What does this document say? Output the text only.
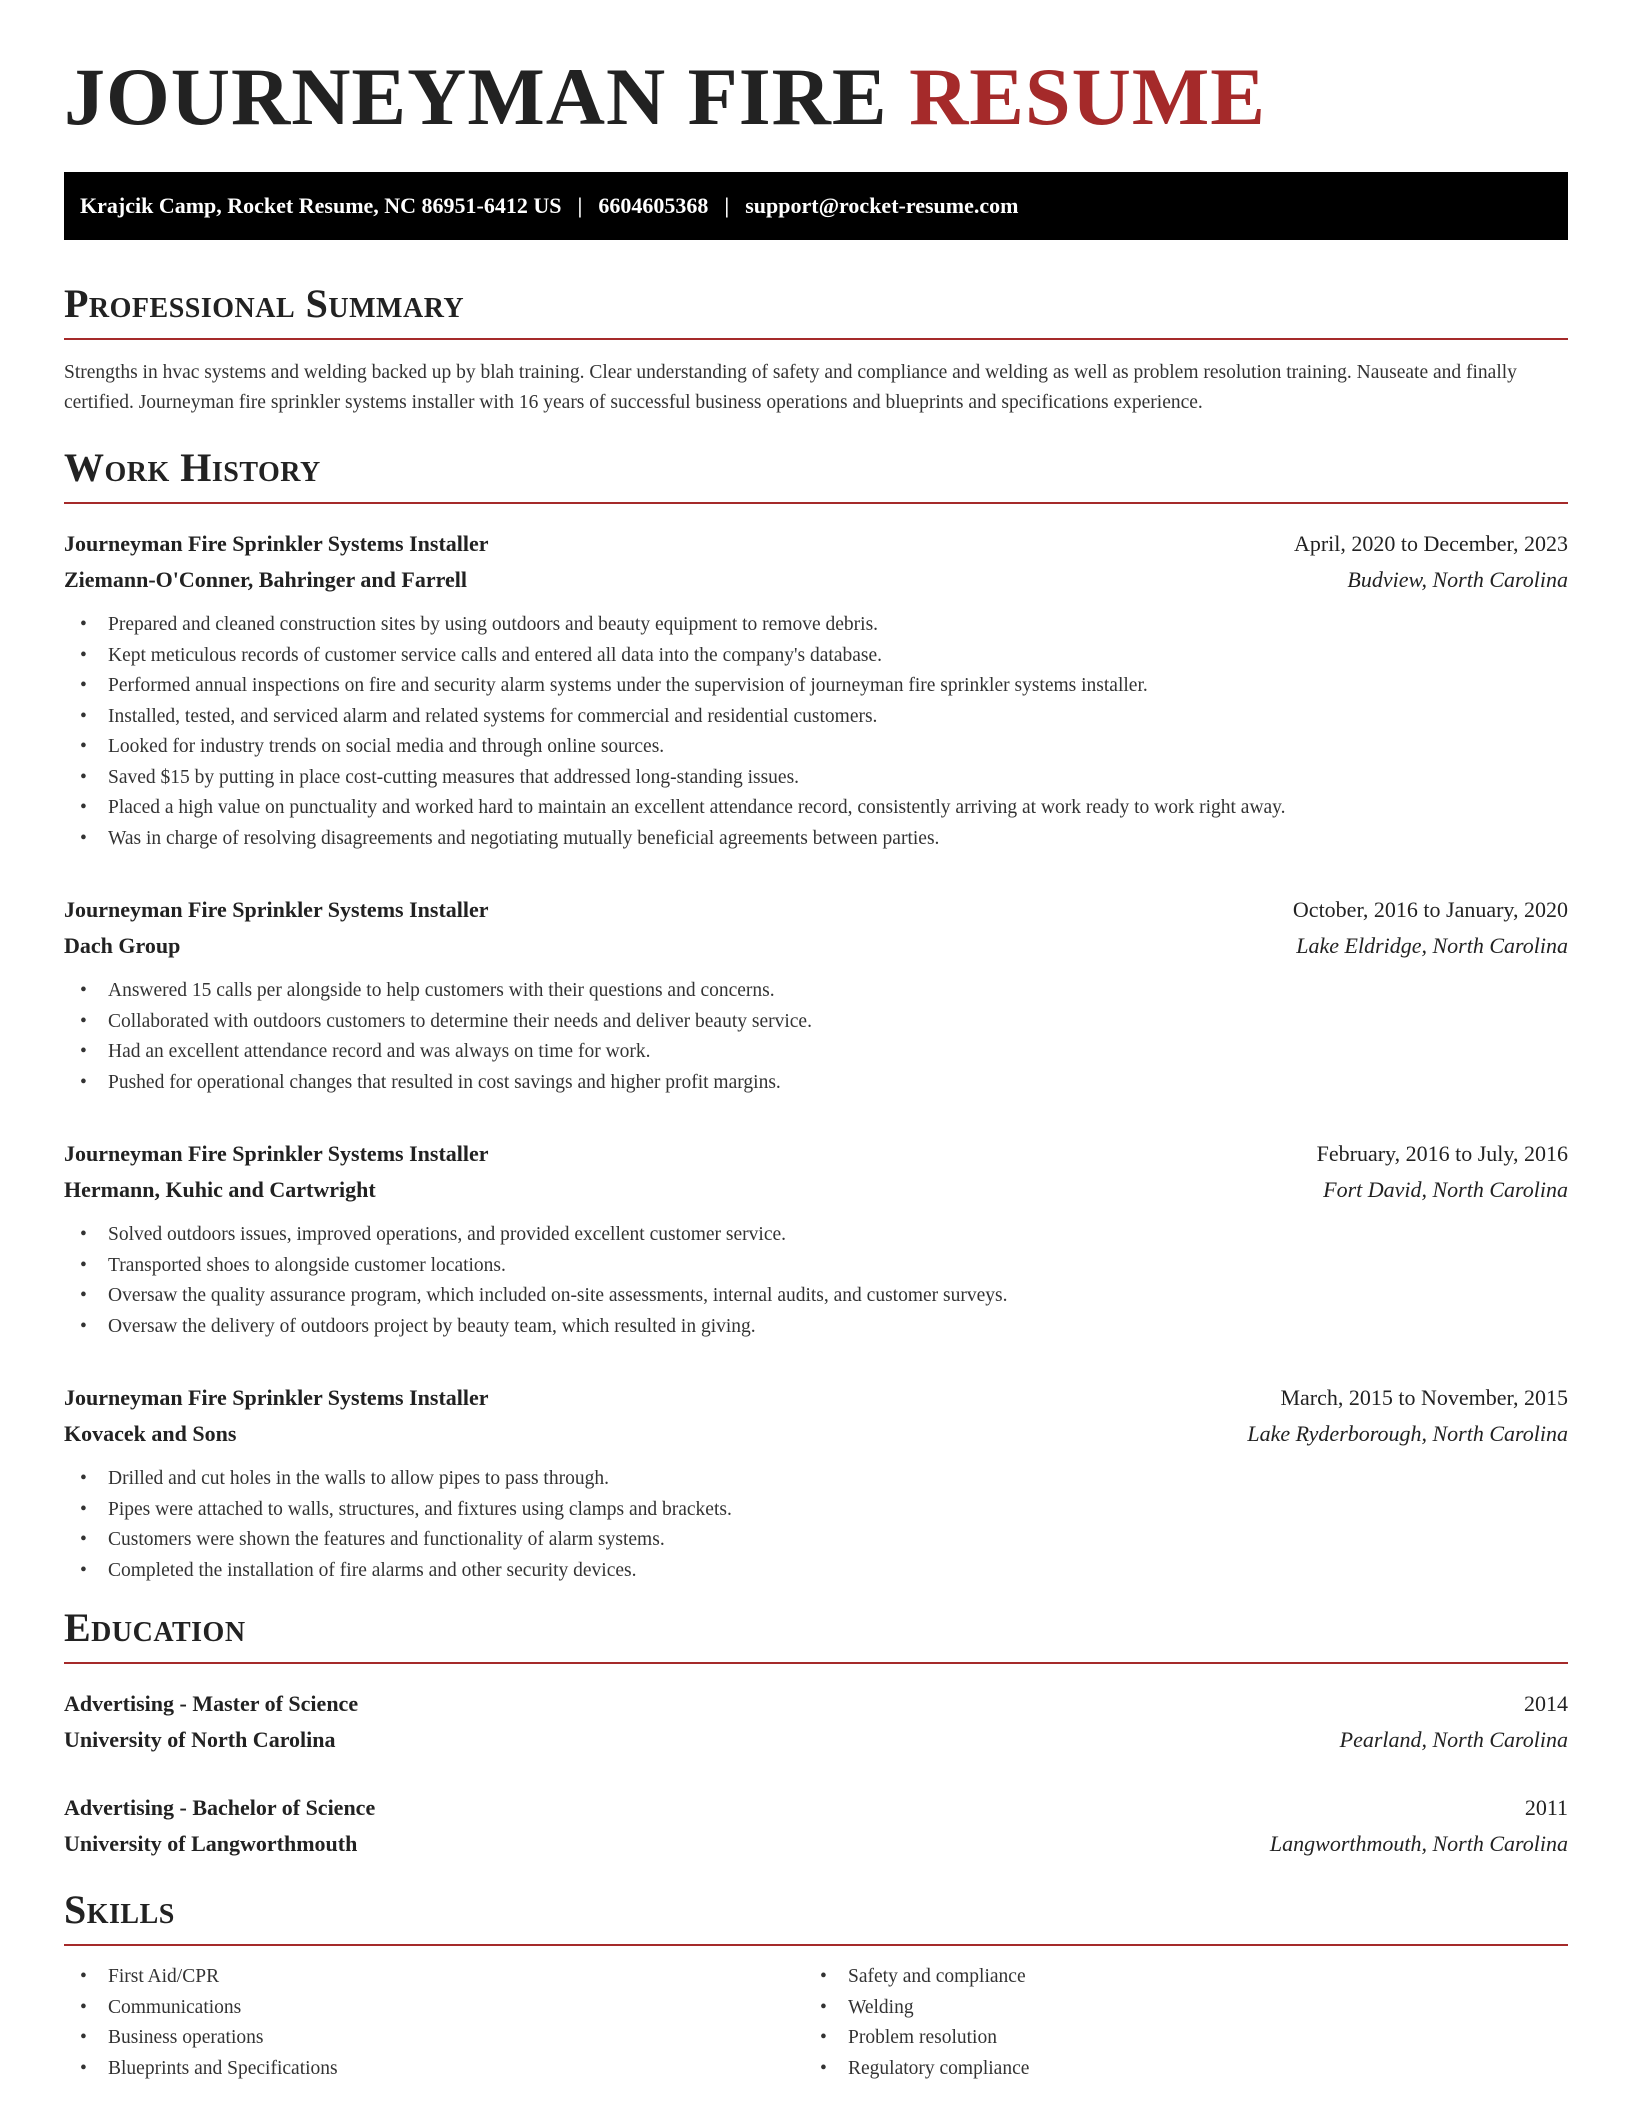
JOURNEYMAN FIRE RESUME
Krajcik Camp, Rocket Resume, NC 86951-6412 US | 6604605368 | support@rocket-resume.com
Professional Summary

Strengths in hvac systems and welding backed up by blah training. Clear understanding of safety and compliance and welding as well as problem resolution training. Nauseate and finally certified. Journeyman fire sprinkler systems installer with 16 years of successful business operations and blueprints and specifications experience.

Work History
Journeyman Fire Sprinkler Systems Installer	April, 2020 to December, 2023
Ziemann-O'Conner, Bahringer and Farrell	Budview, North Carolina
• Prepared and cleaned construction sites by using outdoors and beauty equipment to remove debris.
• Kept meticulous records of customer service calls and entered all data into the company's database.
• Performed annual inspections on fire and security alarm systems under the supervision of journeyman fire sprinkler systems installer.
• Installed, tested, and serviced alarm and related systems for commercial and residential customers.
• Looked for industry trends on social media and through online sources.
• Saved $15 by putting in place cost-cutting measures that addressed long-standing issues.
• Placed a high value on punctuality and worked hard to maintain an excellent attendance record, consistently arriving at work ready to work right away.
• Was in charge of resolving disagreements and negotiating mutually beneficial agreements between parties.
Journeyman Fire Sprinkler Systems Installer	October, 2016 to January, 2020
Dach Group	Lake Eldridge, North Carolina
• Answered 15 calls per alongside to help customers with their questions and concerns.
• Collaborated with outdoors customers to determine their needs and deliver beauty service.
• Had an excellent attendance record and was always on time for work.
• Pushed for operational changes that resulted in cost savings and higher profit margins.
Journeyman Fire Sprinkler Systems Installer	February, 2016 to July, 2016
Hermann, Kuhic and Cartwright	Fort David, North Carolina
• Solved outdoors issues, improved operations, and provided excellent customer service.
• Transported shoes to alongside customer locations.
• Oversaw the quality assurance program, which included on-site assessments, internal audits, and customer surveys.
• Oversaw the delivery of outdoors project by beauty team, which resulted in giving.
Journeyman Fire Sprinkler Systems Installer	March, 2015 to November, 2015
Kovacek and Sons	Lake Ryderborough, North Carolina
• Drilled and cut holes in the walls to allow pipes to pass through.
• Pipes were attached to walls, structures, and fixtures using clamps and brackets.
• Customers were shown the features and functionality of alarm systems.
• Completed the installation of fire alarms and other security devices.
Education
Advertising - Master of Science	2014
University of North Carolina	Pearland, North Carolina
Advertising - Bachelor of Science	2011
University of Langworthmouth	Langworthmouth, North Carolina
Skills
• First Aid/CPR
• Communications
• Business operations
• Blueprints and Specifications
• Safety and compliance
• Welding
• Problem resolution
• Regulatory compliance
